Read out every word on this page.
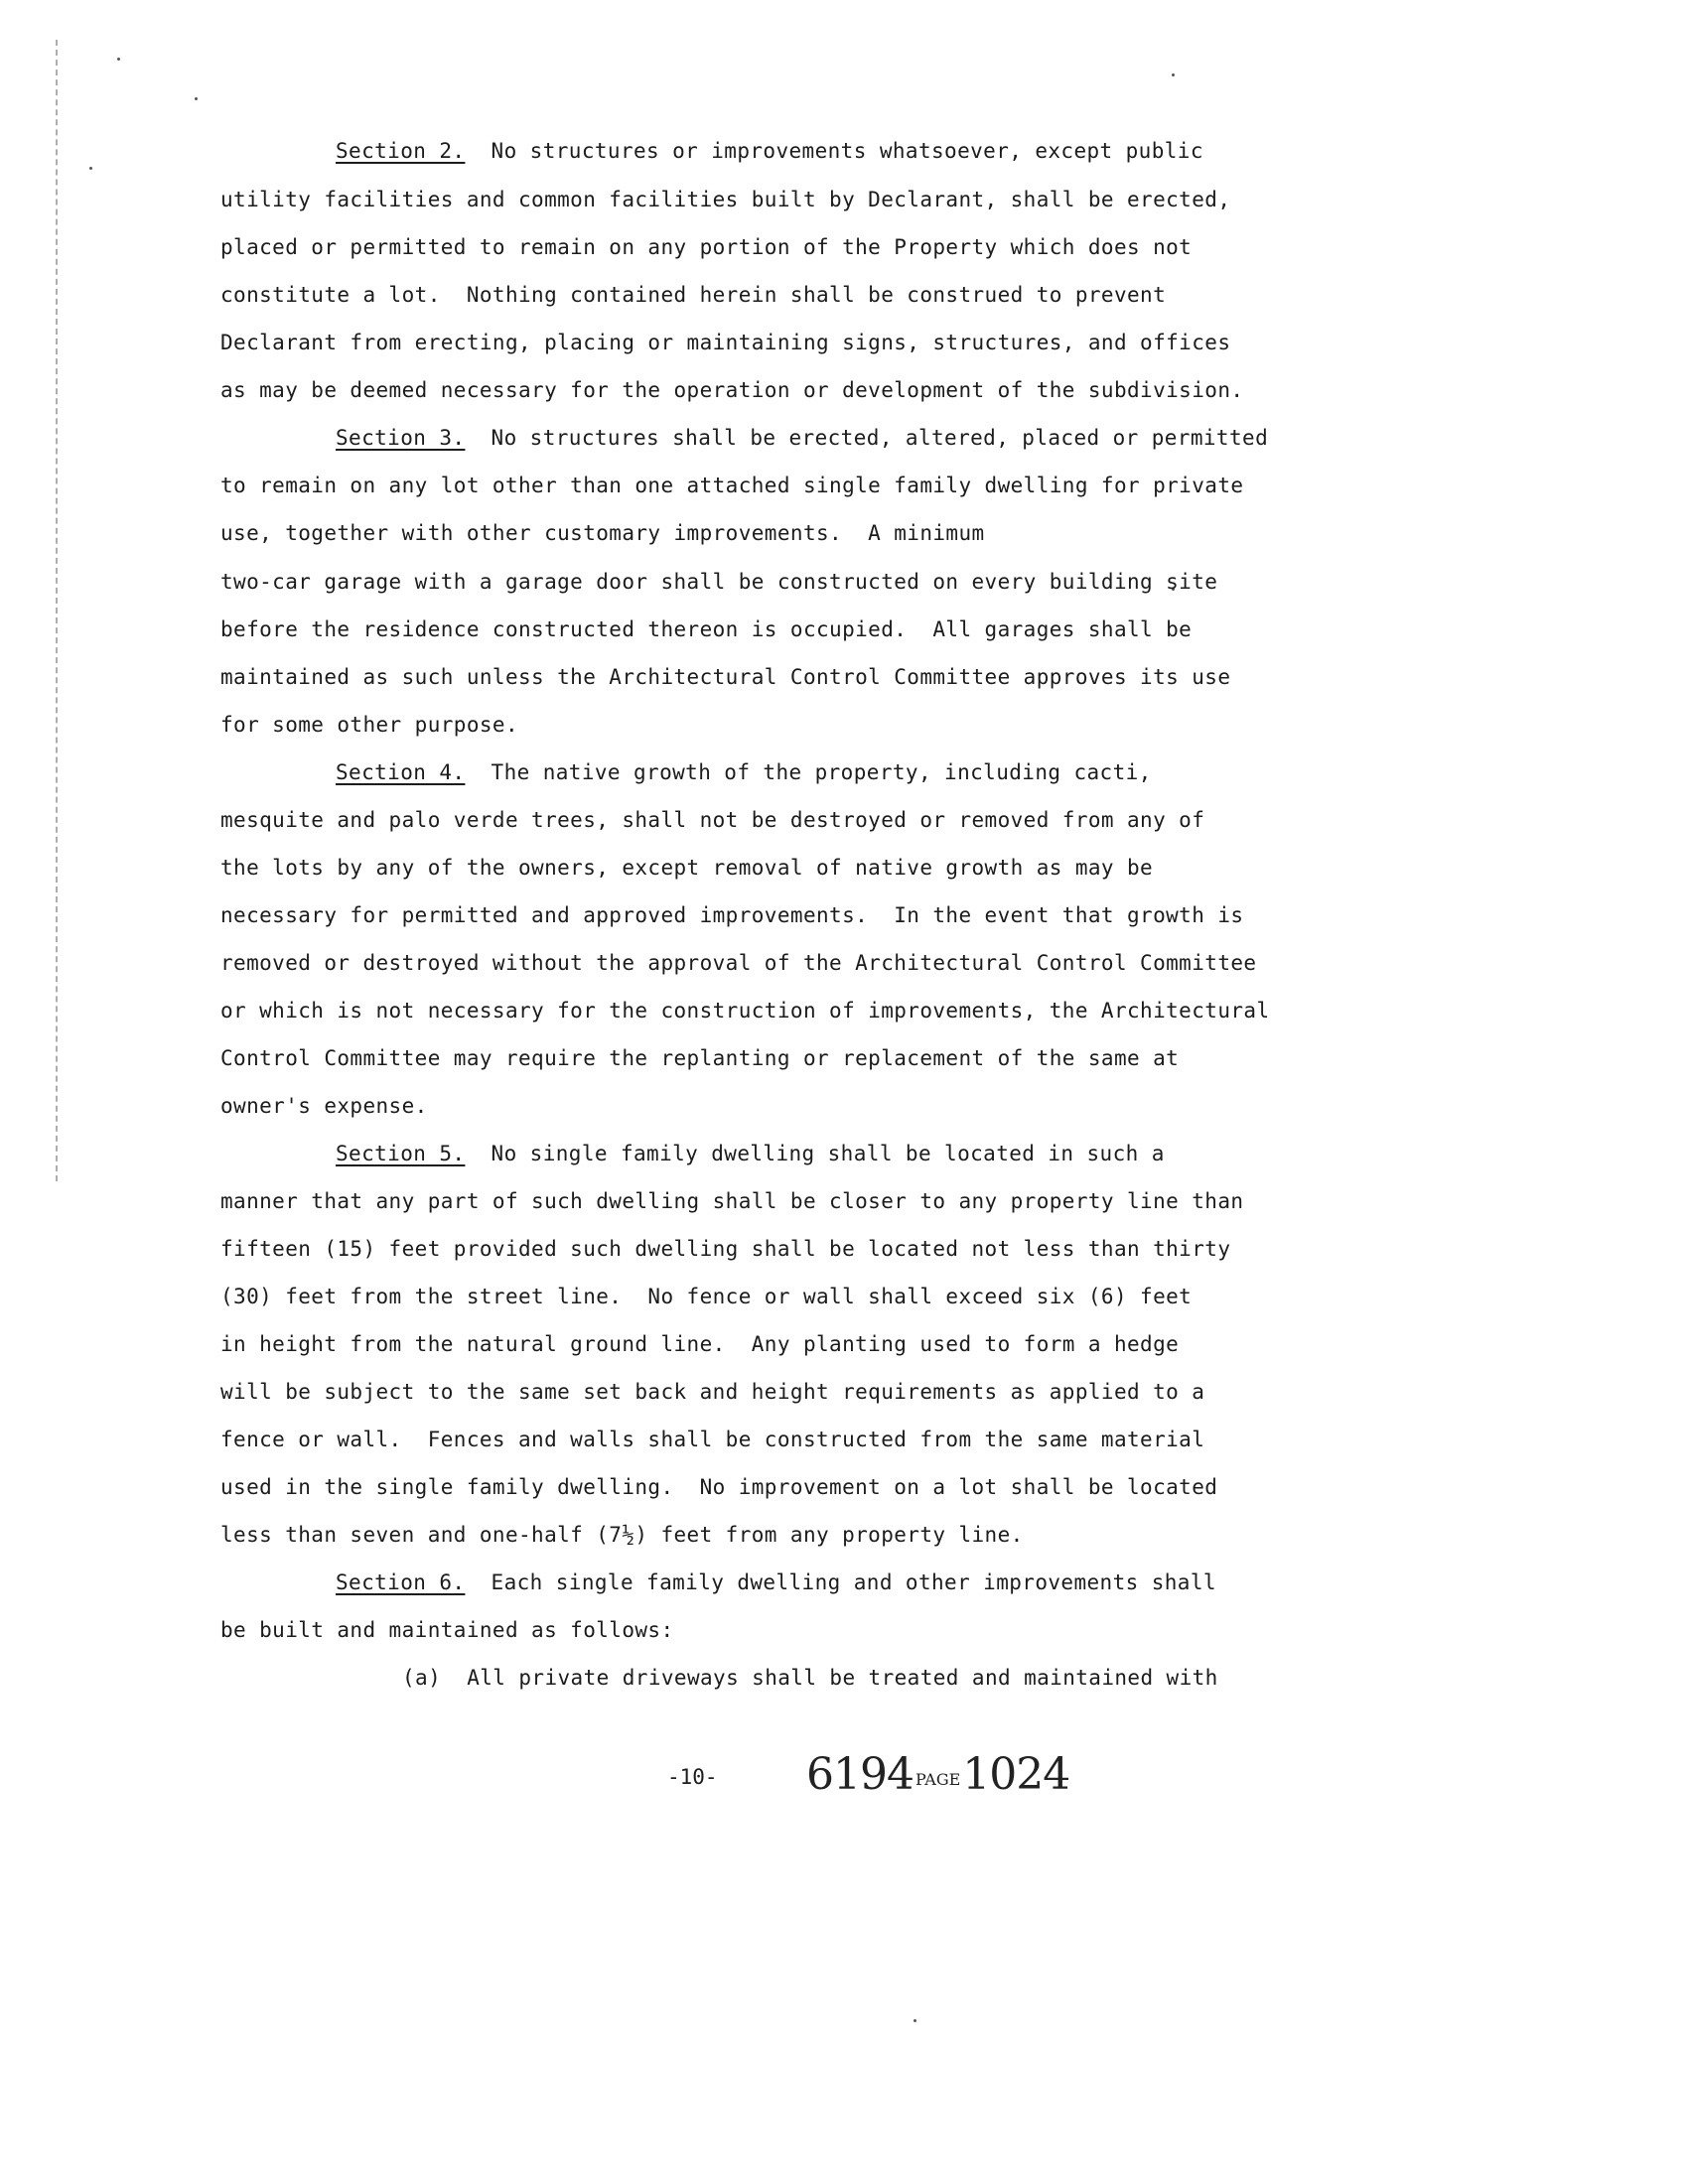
Section 2.  No structures or improvements whatsoever, except public
utility facilities and common facilities built by Declarant, shall be erected,
placed or permitted to remain on any portion of the Property which does not
constitute a lot.  Nothing contained herein shall be construed to prevent
Declarant from erecting, placing or maintaining signs, structures, and offices
as may be deemed necessary for the operation or development of the subdivision.
Section 3.  No structures shall be erected, altered, placed or permitted
to remain on any lot other than one attached single family dwelling for private
use, together with other customary improvements.  A minimum
two-car garage with a garage door shall be constructed on every building site
before the residence constructed thereon is occupied.  All garages shall be
maintained as such unless the Architectural Control Committee approves its use
for some other purpose.
Section 4.  The native growth of the property, including cacti,
mesquite and palo verde trees, shall not be destroyed or removed from any of
the lots by any of the owners, except removal of native growth as may be
necessary for permitted and approved improvements.  In the event that growth is
removed or destroyed without the approval of the Architectural Control Committee
or which is not necessary for the construction of improvements, the Architectural
Control Committee may require the replanting or replacement of the same at
owner's expense.
Section 5.  No single family dwelling shall be located in such a
manner that any part of such dwelling shall be closer to any property line than
fifteen (15) feet provided such dwelling shall be located not less than thirty
(30) feet from the street line.  No fence or wall shall exceed six (6) feet
in height from the natural ground line.  Any planting used to form a hedge
will be subject to the same set back and height requirements as applied to a
fence or wall.  Fences and walls shall be constructed from the same material
used in the single family dwelling.  No improvement on a lot shall be located
less than seven and one-half (7½) feet from any property line.
Section 6.  Each single family dwelling and other improvements shall
be built and maintained as follows:
(a)  All private driveways shall be treated and maintained with
-10- 6194 PAGE1024
